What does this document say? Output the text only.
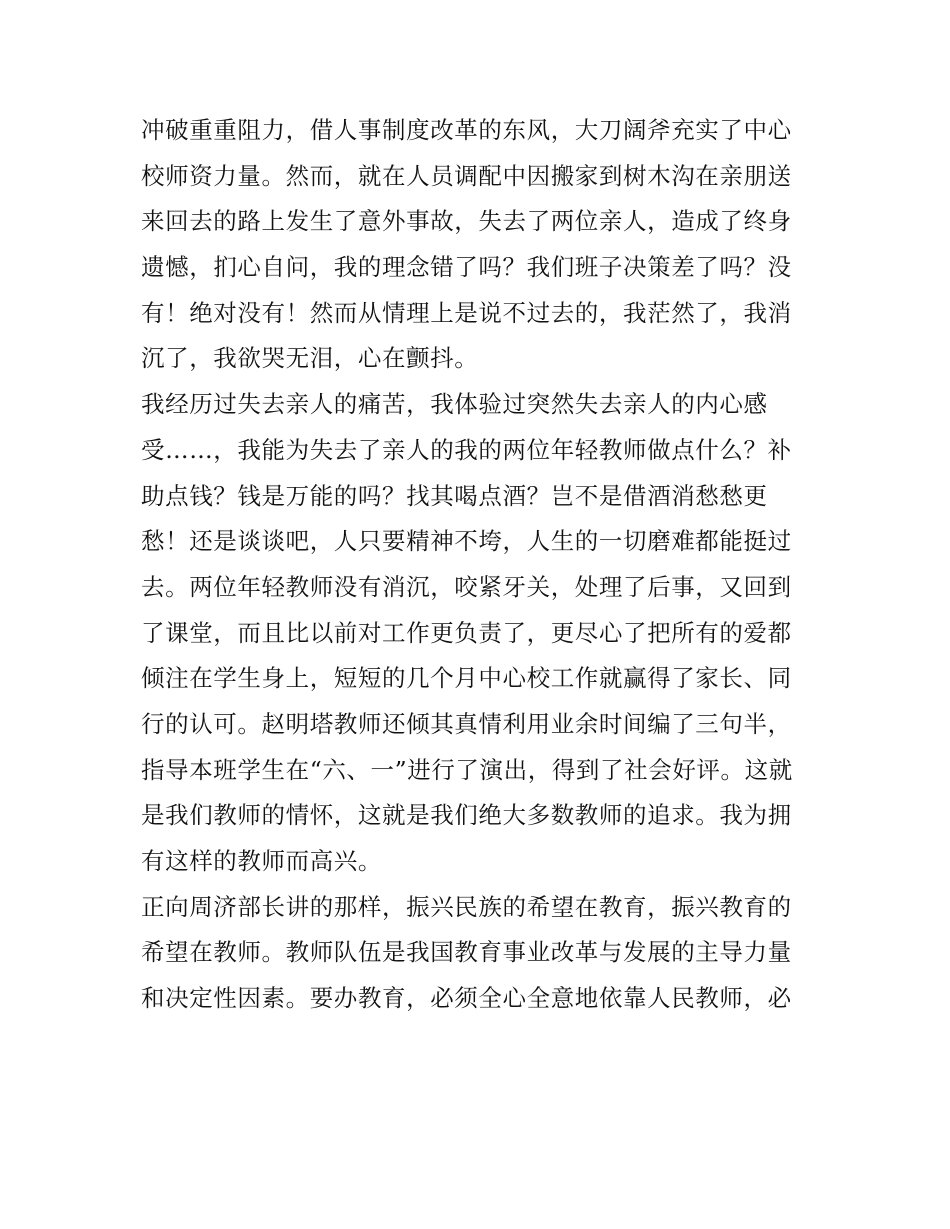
冲破重重阻力，借人事制度改革的东风，大刀阔斧充实了中心
校师资力量。然而，就在人员调配中因搬家到树木沟在亲朋送
来回去的路上发生了意外事故，失去了两位亲人，造成了终身
遗憾，扪心自问，我的理念错了吗？我们班子决策差了吗？没
有！绝对没有！然而从情理上是说不过去的，我茫然了，我消
沉了，我欲哭无泪，心在颤抖。
我经历过失去亲人的痛苦，我体验过突然失去亲人的内心感
受……，我能为失去了亲人的我的两位年轻教师做点什么？补
助点钱？钱是万能的吗？找其喝点酒？岂不是借酒消愁愁更
愁！还是谈谈吧，人只要精神不垮，人生的一切磨难都能挺过
去。两位年轻教师没有消沉，咬紧牙关，处理了后事，又回到
了课堂，而且比以前对工作更负责了，更尽心了把所有的爱都
倾注在学生身上，短短的几个月中心校工作就赢得了家长、同
行的认可。赵明塔教师还倾其真情利用业余时间编了三句半，
指导本班学生在“六、一”进行了演出，得到了社会好评。这就
是我们教师的情怀，这就是我们绝大多数教师的追求。我为拥
有这样的教师而高兴。
正向周济部长讲的那样，振兴民族的希望在教育，振兴教育的
希望在教师。教师队伍是我国教育事业改革与发展的主导力量
和决定性因素。要办教育，必须全心全意地依靠人民教师，必
